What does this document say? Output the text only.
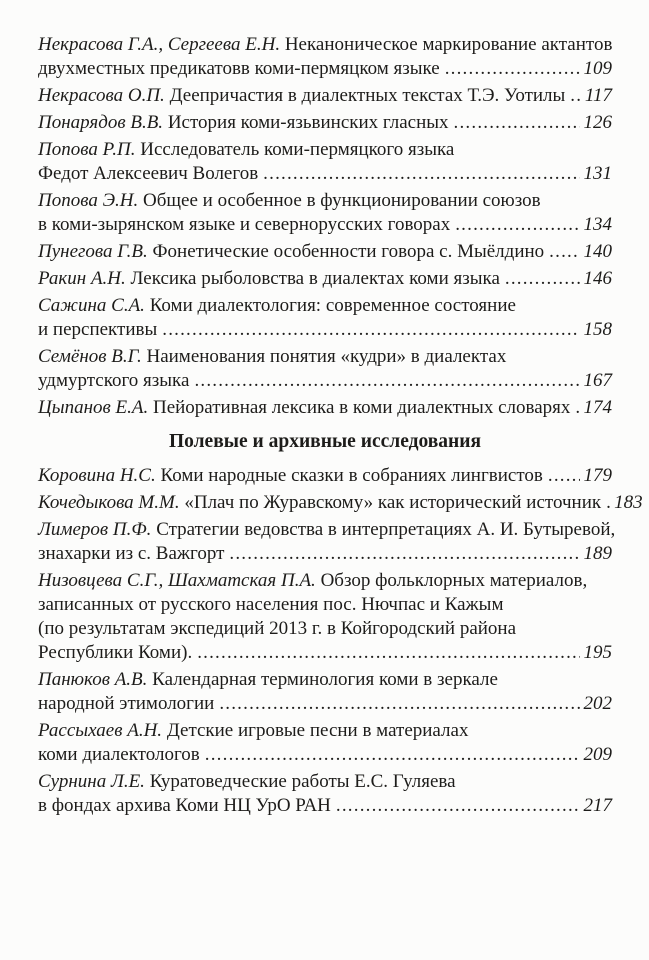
Некрасова Г.А., Сергеева Е.Н. Неканоническое маркирование актантов
двухместных предикатовв коми-пермяцком языке .....	109
Некрасова О.П. Деепричастия в диалектных текстах Т.Э. Уотилы ..... 117
Понарядов В.В. История коми-язьвинских гласных .....	126
Попова Р.П. Исследователь коми-пермяцкого языка
Федот Алексеевич Волегов .....	131
Попова Э.Н. Общее и особенное в функционировании союзов
в коми-зырянском языке и севернорусских говорах .....	134
Пунегова Г.В. Фонетические особенности говора с. Мыёлдино ..... 140
Ракин А.Н. Лексика рыболовства в диалектах коми языка .....	146
Сажина С.А. Коми диалектология: современное состояние
и перспективы .....	158
Семёнов В.Г. Наименования понятия «кудри» в диалектах
удмуртского языка .....	167
Цыпанов Е.А. Пейоративная лексика в коми диалектных словарях ..... 174
Полевые и архивные исследования
Коровина Н.С. Коми народные сказки в собраниях лингвистов ..... 179
Кочедыкова М.М. «Плач по Журавскому» как исторический источник ..... 183
Лимеров П.Ф. Стратегии ведовства в интерпретациях А. И. Бутыревой,
знахарки из с. Важгорт .....	189
Низовцева С.Г., Шахматская П.А. Обзор фольклорных материалов,
записанных от русского населения пос. Нючпас и Кажым
(по результатам экспедиций 2013 г. в Койгородский района
Республики Коми). .....	195
Панюков А.В. Календарная терминология коми в зеркале
народной этимологии .....	202
Рассыхаев А.Н. Детские игровые песни в материалах
коми диалектологов .....	209
Сурнина Л.Е. Куратоведческие работы Е.С. Гуляева
в фондах архива Коми НЦ УрО РАН .....	217
